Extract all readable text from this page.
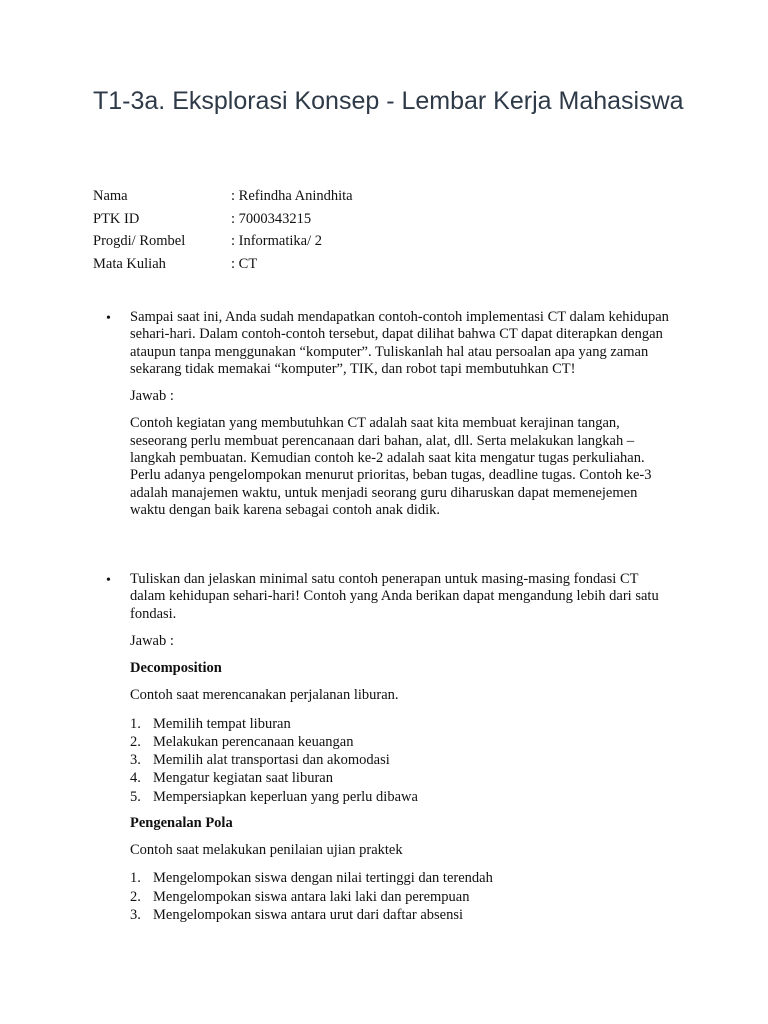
T1-3a. Eksplorasi Konsep - Lembar Kerja Mahasiswa
Nama	: Refindha Anindhita
PTK ID	: 7000343215
Progdi/ Rombel	: Informatika/ 2
Mata Kuliah	: CT
• Sampai saat ini, Anda sudah mendapatkan contoh-contoh implementasi CT dalam kehidupan sehari-hari. Dalam contoh-contoh tersebut, dapat dilihat bahwa CT dapat diterapkan dengan ataupun tanpa menggunakan “komputer”. Tuliskanlah hal atau persoalan apa yang zaman sekarang tidak memakai “komputer”, TIK, dan robot tapi membutuhkan CT!

Jawab :

Contoh kegiatan yang membutuhkan CT adalah saat kita membuat kerajinan tangan, seseorang perlu membuat perencanaan dari bahan, alat, dll. Serta melakukan langkah – langkah pembuatan. Kemudian contoh ke-2 adalah saat kita mengatur tugas perkuliahan. Perlu adanya pengelompokan menurut prioritas, beban tugas, deadline tugas. Contoh ke-3 adalah manajemen waktu, untuk menjadi seorang guru diharuskan dapat memenejemen waktu dengan baik karena sebagai contoh anak didik.

• Tuliskan dan jelaskan minimal satu contoh penerapan untuk masing-masing fondasi CT dalam kehidupan sehari-hari! Contoh yang Anda berikan dapat mengandung lebih dari satu fondasi.

Jawab :

Decomposition

Contoh saat merencanakan perjalanan liburan.

1. Memilih tempat liburan
2. Melakukan perencanaan keuangan
3. Memilih alat transportasi dan akomodasi
4. Mengatur kegiatan saat liburan
5. Mempersiapkan keperluan yang perlu dibawa

Pengenalan Pola

Contoh saat melakukan penilaian ujian praktek

1. Mengelompokan siswa dengan nilai tertinggi dan terendah
2. Mengelompokan siswa antara laki laki dan perempuan
3. Mengelompokan siswa antara urut dari daftar absensi
